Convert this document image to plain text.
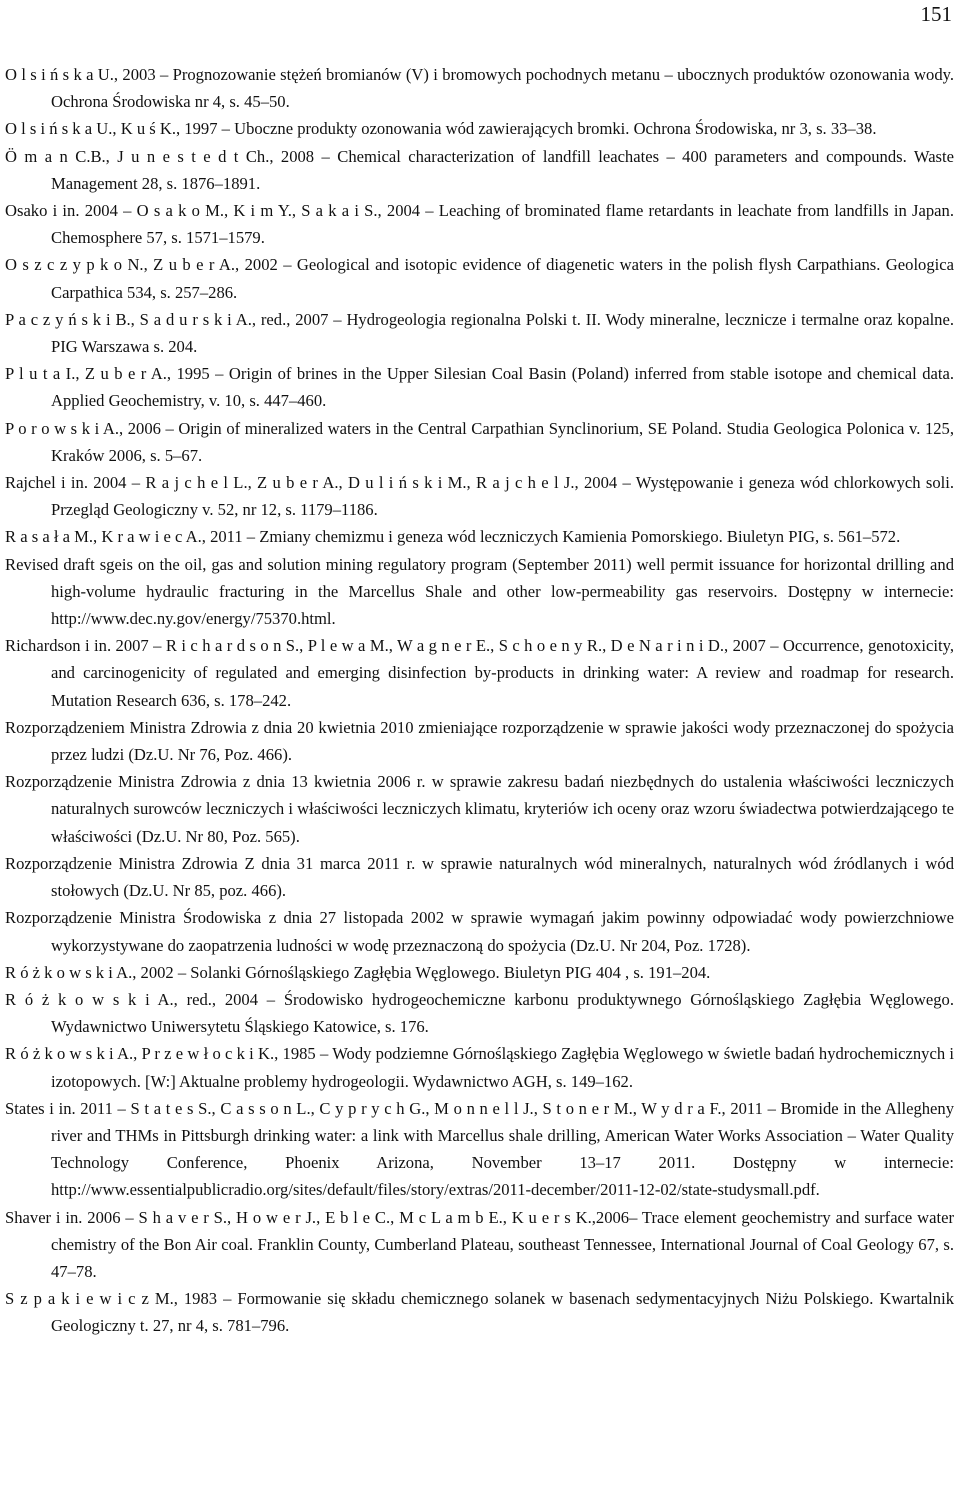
151

O l s i ń s k a U., 2003 – Prognozowanie stężeń bromianów (V) i bromowych pochodnych metanu – ubocznych produktów ozonowania wody. Ochrona Środowiska nr 4, s. 45–50.

O l s i ń s k a U., K u ś K., 1997 – Uboczne produkty ozonowania wód zawierających bromki. Ochrona Środowiska, nr 3, s. 33–38.

Ö m a n C.B., J u n e s t e d t Ch., 2008 – Chemical characterization of landfill leachates – 400 parameters and compounds. Waste Management 28, s. 1876–1891.

Osako i in. 2004 – O s a k o M., K i m Y., S a k a i S., 2004 – Leaching of brominated flame retardants in leachate from landfills in Japan. Chemosphere 57, s. 1571–1579.

O s z c z y p k o N., Z u b e r A., 2002 – Geological and isotopic evidence of diagenetic waters in the polish flysh Carpathians. Geologica Carpathica 534, s. 257–286.

P a c z y ń s k i B., S a d u r s k i A., red., 2007 – Hydrogeologia regionalna Polski t. II. Wody mineralne, lecznicze i termalne oraz kopalne. PIG Warszawa s. 204.

P l u t a I., Z u b e r A., 1995 – Origin of brines in the Upper Silesian Coal Basin (Poland) inferred from stable isotope and chemical data. Applied Geochemistry, v. 10, s. 447–460.

P o r o w s k i A., 2006 – Origin of mineralized waters in the Central Carpathian Synclinorium, SE Poland. Studia Geologica Polonica v. 125, Kraków 2006, s. 5–67.

Rajchel i in. 2004 – R a j c h e l L., Z u b e r A., D u l i ń s k i M., R a j c h e l J., 2004 – Występowanie i geneza wód chlorkowych soli. Przegląd Geologiczny v. 52, nr 12, s. 1179–1186.

R a s a ł a M., K r a w i e c A., 2011 – Zmiany chemizmu i geneza wód leczniczych Kamienia Pomorskiego. Biuletyn PIG, s. 561–572.

Revised draft sgeis on the oil, gas and solution mining regulatory program (September 2011) well permit issuance for horizontal drilling and high-volume hydraulic fracturing in the Marcellus Shale and other low-permeability gas reservoirs. Dostępny w internecie: http://www.dec.ny.gov/energy/75370.html.

Richardson i in. 2007 – R i c h a r d s o n S., P l e w a M., W a g n e r E., S c h o e n y R., D e N a r i n i D., 2007 – Occurrence, genotoxicity, and carcinogenicity of regulated and emerging disinfection by-products in drinking water: A review and roadmap for research. Mutation Research 636, s. 178–242.

Rozporządzeniem Ministra Zdrowia z dnia 20 kwietnia 2010 zmieniające rozporządzenie w sprawie jakości wody przeznaczonej do spożycia przez ludzi (Dz.U. Nr 76, Poz. 466).

Rozporządzenie Ministra Zdrowia z dnia 13 kwietnia 2006 r. w sprawie zakresu badań niezbędnych do ustalenia właściwości leczniczych naturalnych surowców leczniczych i właściwości leczniczych klimatu, kryteriów ich oceny oraz wzoru świadectwa potwierdzającego te właściwości (Dz.U. Nr 80, Poz. 565).

Rozporządzenie Ministra Zdrowia Z dnia 31 marca 2011 r. w sprawie naturalnych wód mineralnych, naturalnych wód źródlanych i wód stołowych (Dz.U. Nr 85, poz. 466).

Rozporządzenie Ministra Środowiska z dnia 27 listopada 2002 w sprawie wymagań jakim powinny odpowiadać wody powierzchniowe wykorzystywane do zaopatrzenia ludności w wodę przeznaczoną do spożycia (Dz.U. Nr 204, Poz. 1728).

R ó ż k o w s k i A., 2002 – Solanki Górnośląskiego Zagłębia Węglowego. Biuletyn PIG 404 , s. 191–204.

R ó ż k o w s k i A., red., 2004 – Środowisko hydrogeochemiczne karbonu produktywnego Górnośląskiego Zagłębia Węglowego. Wydawnictwo Uniwersytetu Śląskiego Katowice, s. 176.

R ó ż k o w s k i A., P r z e w ł o c k i K., 1985 – Wody podziemne Górnośląskiego Zagłębia Węglowego w świetle badań hydrochemicznych i izotopowych. [W:] Aktualne problemy hydrogeologii. Wydawnictwo AGH, s. 149–162.

States i in. 2011 – S t a t e s S., C a s s o n L., C y p r y c h G., M o n n e l l J., S t o n e r M., W y d r a F., 2011 – Bromide in the Allegheny river and THMs in Pittsburgh drinking water: a link with Marcellus shale drilling, American Water Works Association – Water Quality Technology Conference, Phoenix Arizona, November 13–17 2011. Dostępny w internecie: http://www.essentialpublicradio.org/sites/default/files/story/extras/2011-december/2011-12-02/state-studysmall.pdf.

Shaver i in. 2006 – S h a v e r S., H o w e r J., E b l e C., M c L a m b E., K u e r s K.,2006– Trace element geochemistry and surface water chemistry of the Bon Air coal. Franklin County, Cumberland Plateau, southeast Tennessee, International Journal of Coal Geology 67, s. 47–78.

S z p a k i e w i c z M., 1983 – Formowanie się składu chemicznego solanek w basenach sedymentacyjnych Niżu Polskiego. Kwartalnik Geologiczny t. 27, nr 4, s. 781–796.
